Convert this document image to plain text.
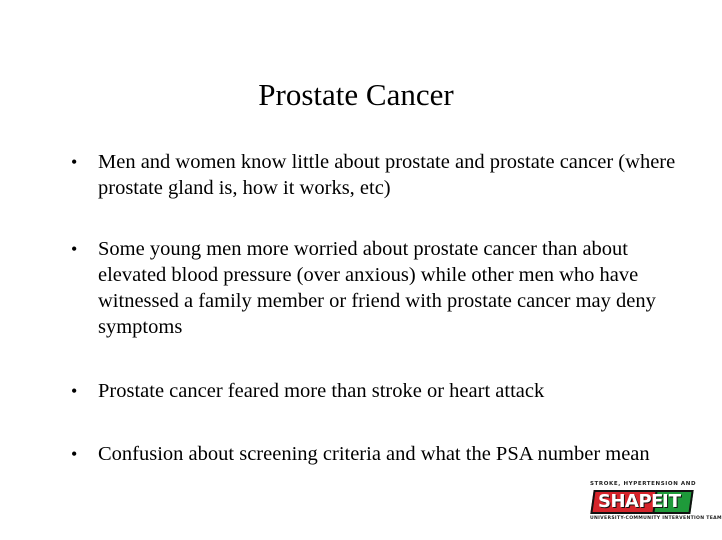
Prostate Cancer
• Men and women know little about prostate and prostate cancer (where prostate gland is, how it works, etc)
• Some young men more worried about prostate cancer than about elevated blood pressure (over anxious) while other men who have witnessed a family member or friend with prostate cancer may deny symptoms
• Prostate cancer feared more than stroke or heart attack
• Confusion about screening criteria and what the PSA number mean
STROKE, HYPERTENSION AND
SHAPE IT
UNIVERSITY-COMMUNITY INTERVENTION TEAM
